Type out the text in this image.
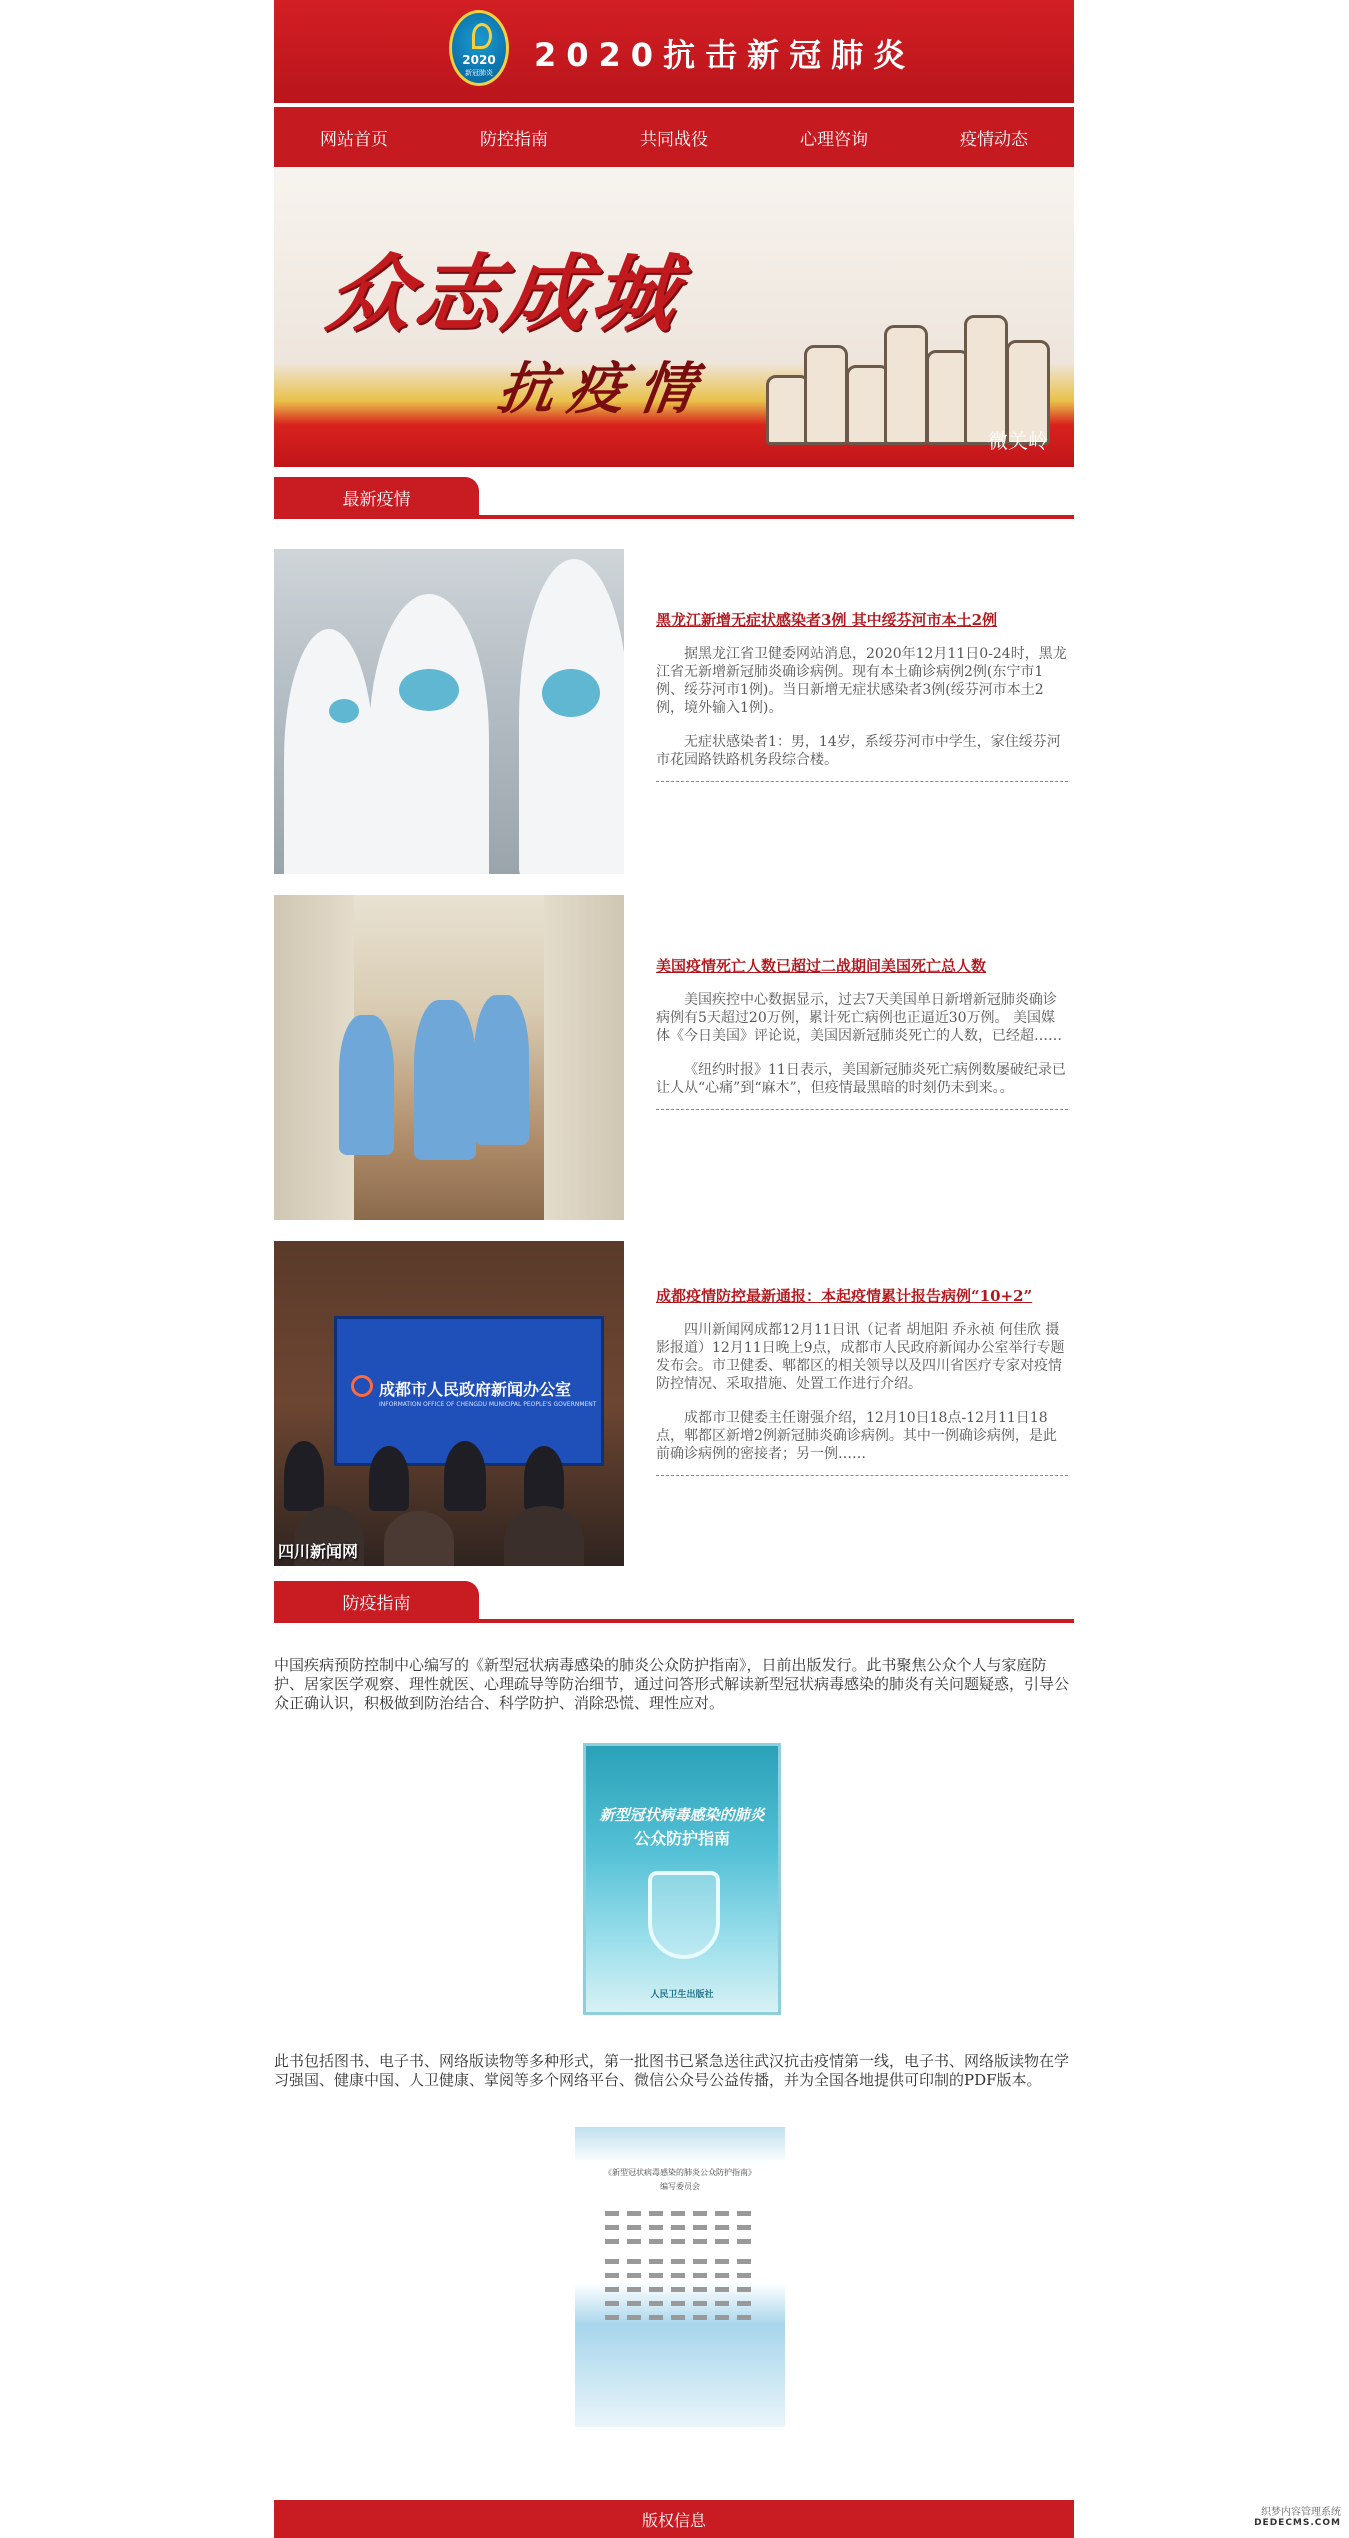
2020
新冠肺炎	2020抗击新冠肺炎
网站首页	防控指南	共同战役	心理咨询	疫情动态
众志成城
抗疫情
微关岭
最新疫情
黑龙江新增无症状感染者3例 其中绥芬河市本土2例

据黑龙江省卫健委网站消息，2020年12月11日0-24时，黑龙江省无新增新冠肺炎确诊病例。现有本土确诊病例2例(东宁市1例、绥芬河市1例)。当日新增无症状感染者3例(绥芬河市本土2例，境外输入1例)。

无症状感染者1：男，14岁，系绥芬河市中学生，家住绥芬河市花园路铁路机务段综合楼。

美国疫情死亡人数已超过二战期间美国死亡总人数

美国疾控中心数据显示，过去7天美国单日新增新冠肺炎确诊病例有5天超过20万例，累计死亡病例也正逼近30万例。 美国媒体《今日美国》评论说，美国因新冠肺炎死亡的人数，已经超……

《纽约时报》11日表示，美国新冠肺炎死亡病例数屡破纪录已让人从“心痛”到“麻木”，但疫情最黑暗的时刻仍未到来。。

成都市人民政府新闻办公室
INFORMATION OFFICE OF CHENGDU MUNICIPAL PEOPLE'S GOVERNMENT
四川新闻网
成都疫情防控最新通报：本起疫情累计报告病例“10+2”

四川新闻网成都12月11日讯（记者 胡旭阳 乔永祯 何佳欣 摄影报道）12月11日晚上9点，成都市人民政府新闻办公室举行专题发布会。市卫健委、郫都区的相关领导以及四川省医疗专家对疫情防控情况、采取措施、处置工作进行介绍。

成都市卫健委主任谢强介绍，12月10日18点-12月11日18点，郫都区新增2例新冠肺炎确诊病例。其中一例确诊病例，是此前确诊病例的密接者；另一例……

防疫指南

中国疾病预防控制中心编写的《新型冠状病毒感染的肺炎公众防护指南》，日前出版发行。此书聚焦公众个人与家庭防护、居家医学观察、理性就医、心理疏导等防治细节，通过问答形式解读新型冠状病毒感染的肺炎有关问题疑惑，引导公众正确认识，积极做到防治结合、科学防护、消除恐慌、理性应对。

新型冠状病毒感染的肺炎
公众防护指南
人民卫生出版社

此书包括图书、电子书、网络版读物等多种形式，第一批图书已紧急送往武汉抗击疫情第一线，电子书、网络版读物在学习强国、健康中国、人卫健康、掌阅等多个网络平台、微信公众号公益传播，并为全国各地提供可印制的PDF版本。

《新型冠状病毒感染的肺炎公众防护指南》
编写委员会
版权信息	织梦内容管理系统
DEDECMS.COM
